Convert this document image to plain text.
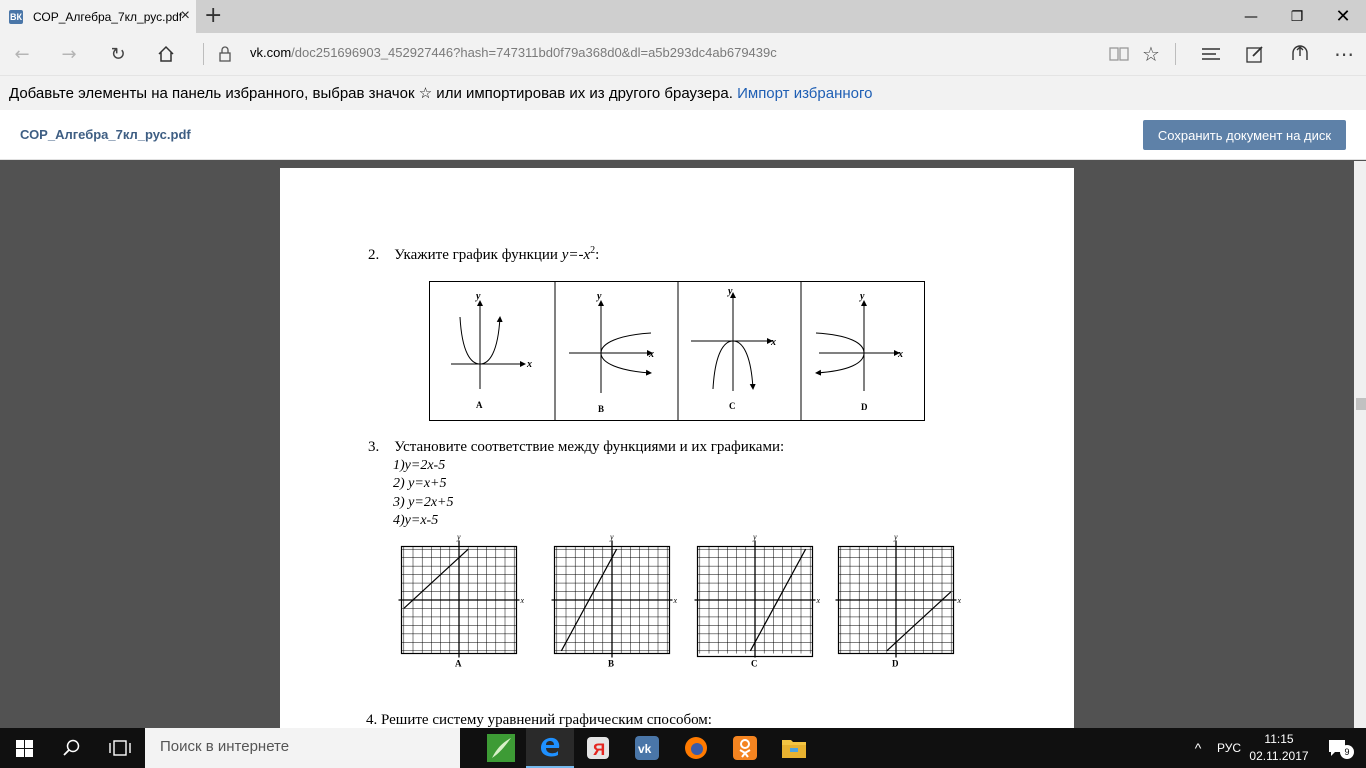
ВК СОР_Алгебра_7кл_рус.pdf
× +	—	❐	✕
← → ↻	vk.com/doc251696903_452927446?hash=747311bd0f79a368d0&dl=a5b293dc4ab679439c	☆	⋯
Добавьте элементы на панель избранного, выбрав значок ☆ или импортировав их из другого браузера. Импорт избранного
СОР_Алгебра_7кл_рус.pdf	Сохранить документ на диск
2. Укажите график функции $y=-x^2$:
x
y
A
x
y
B
x
y
C
x
y
D
3. Установите соответствие между функциями и их графиками:
1)y=2x-5
2) y=x+5
3) y=2x+5
4)y=x-5
x
y
A
x
y
B
x
y
C
x
y
D
4. Решите систему уравнений графическим способом:
Поиск в интернете	Я	vk	^	РУС
11:15
02.11.2017	9
